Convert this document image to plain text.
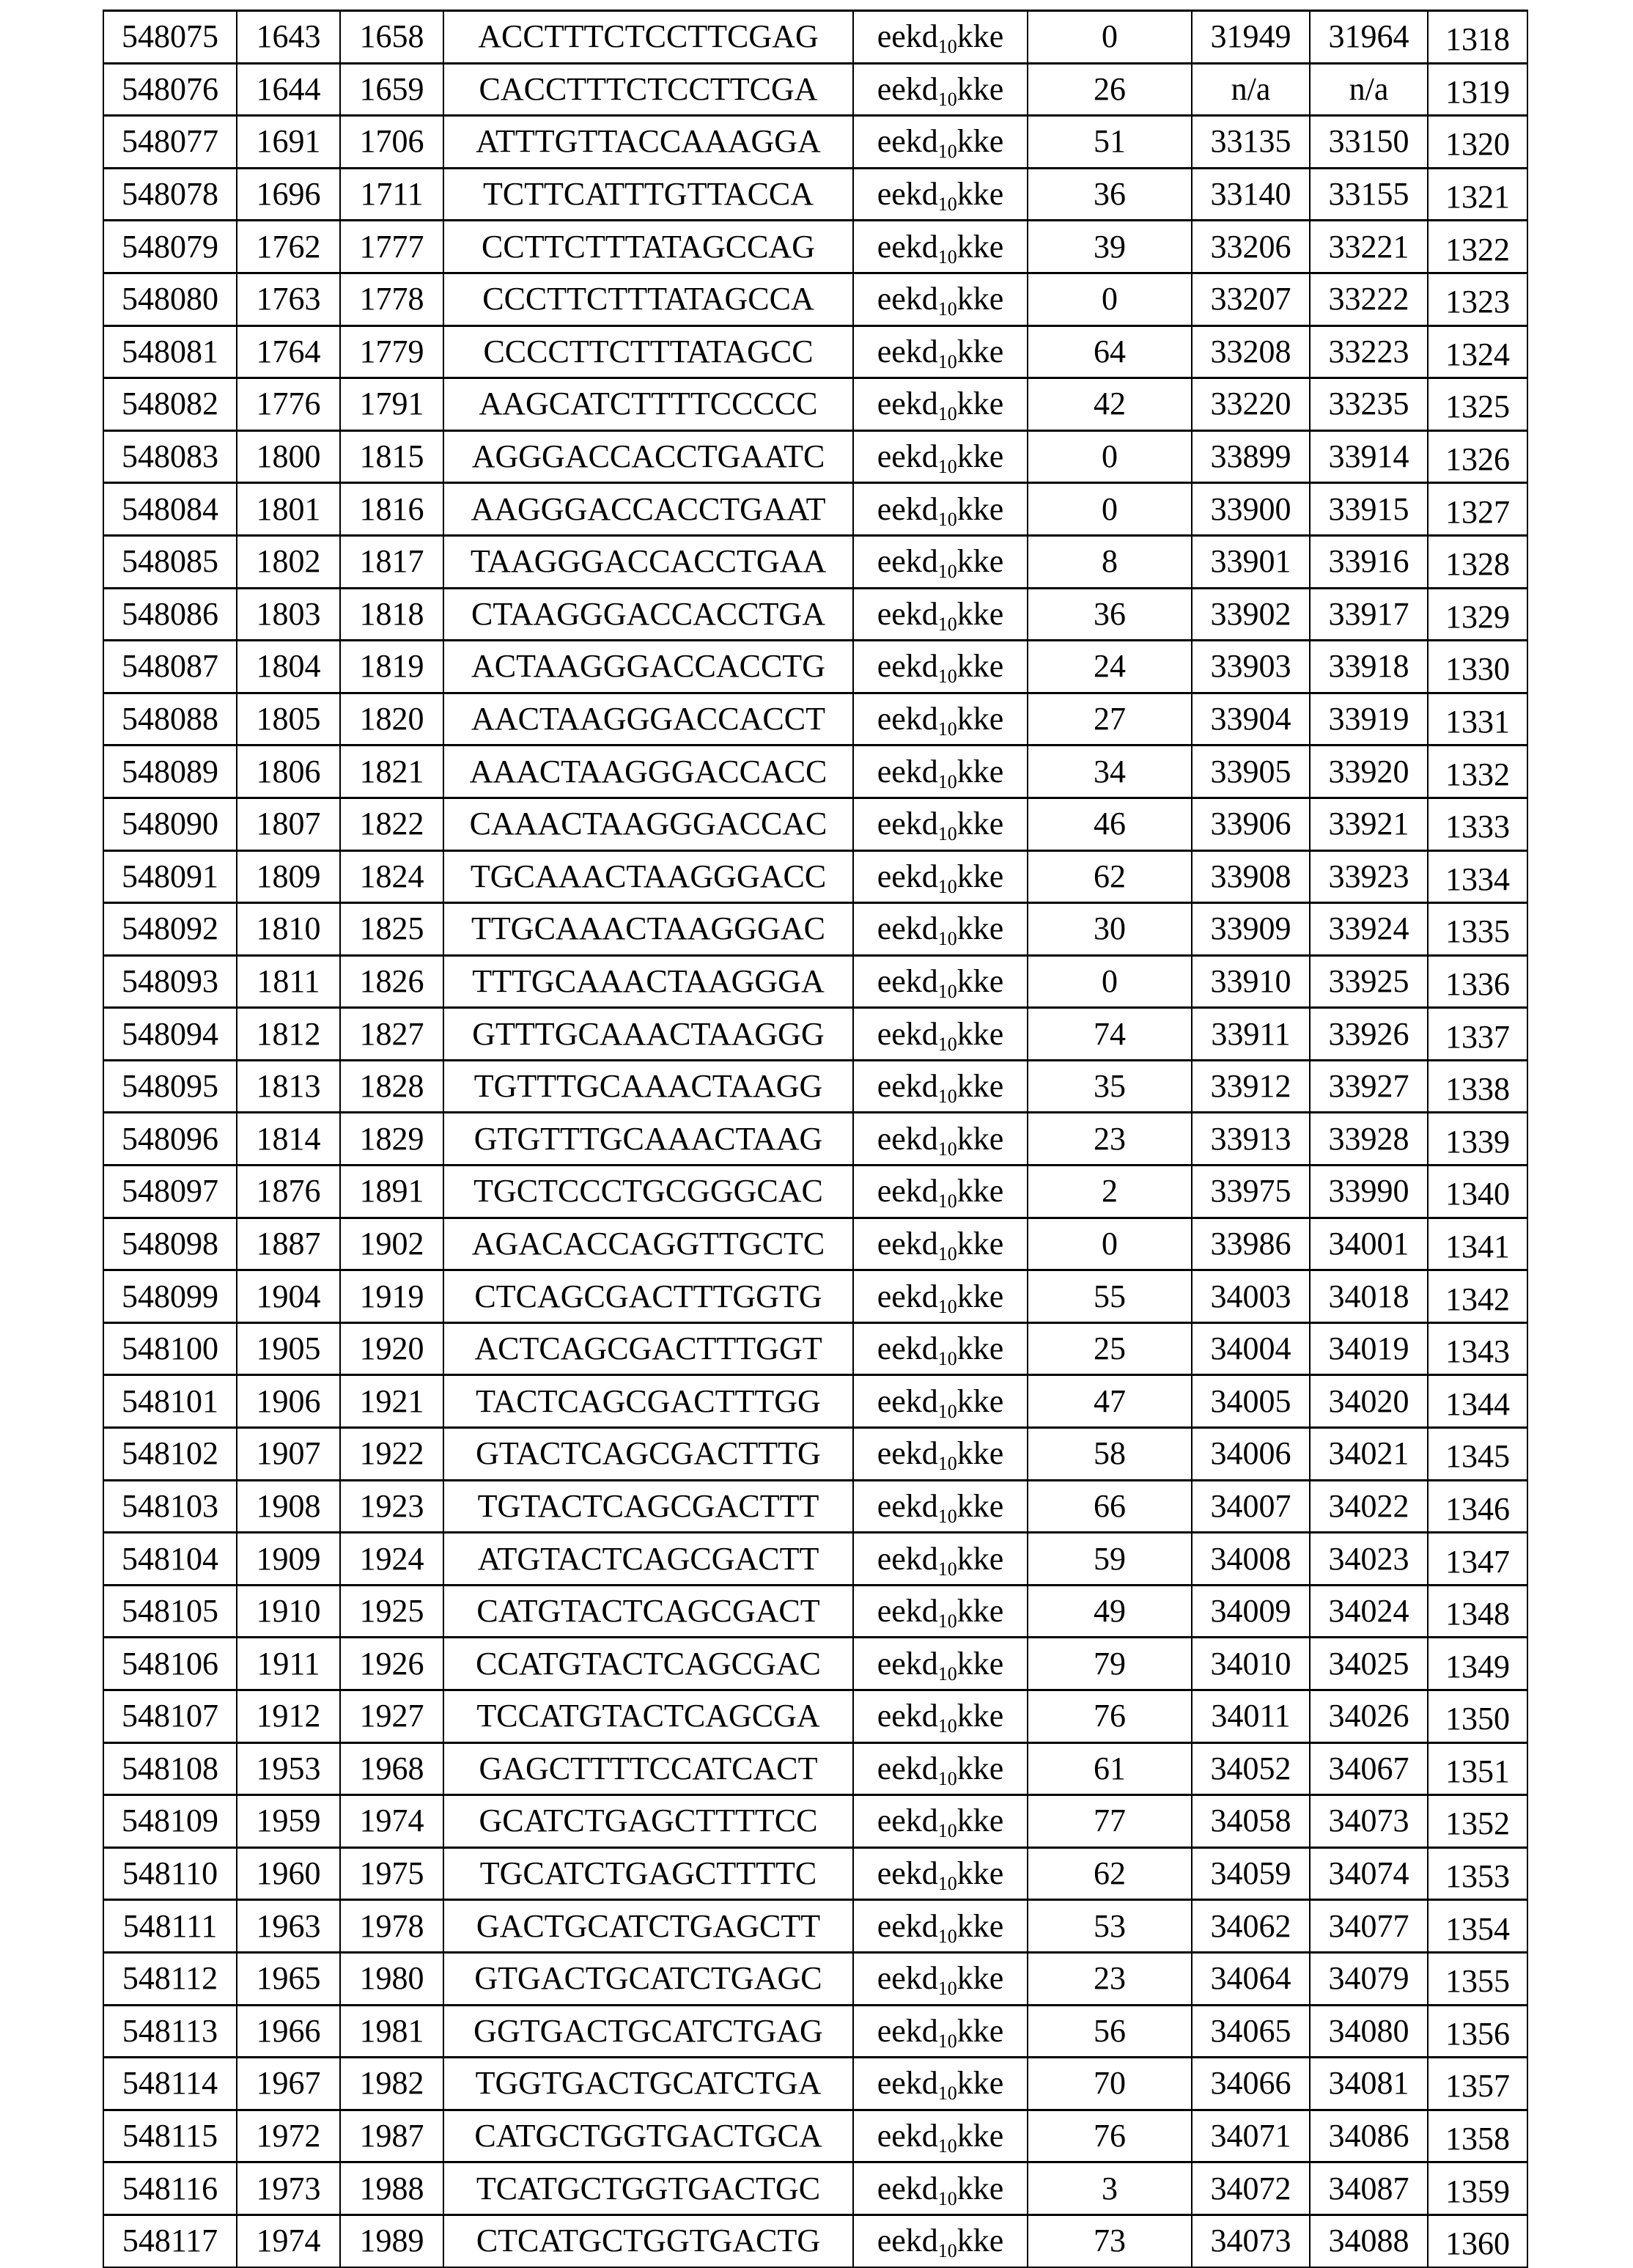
548075	1643	1658	ACCTTTCTCCTTCGAG	eekd10kke	0	31949	31964	1318
548076	1644	1659	CACCTTTCTCCTTCGA	eekd10kke	26	n/a	n/a	1319
548077	1691	1706	ATTTGTTACCAAAGGA	eekd10kke	51	33135	33150	1320
548078	1696	1711	TCTTCATTTGTTACCA	eekd10kke	36	33140	33155	1321
548079	1762	1777	CCTTCTTTATAGCCAG	eekd10kke	39	33206	33221	1322
548080	1763	1778	CCCTTCTTTATAGCCA	eekd10kke	0	33207	33222	1323
548081	1764	1779	CCCCTTCTTTATAGCC	eekd10kke	64	33208	33223	1324
548082	1776	1791	AAGCATCTTTTCCCCC	eekd10kke	42	33220	33235	1325
548083	1800	1815	AGGGACCACCTGAATC	eekd10kke	0	33899	33914	1326
548084	1801	1816	AAGGGACCACCTGAAT	eekd10kke	0	33900	33915	1327
548085	1802	1817	TAAGGGACCACCTGAA	eekd10kke	8	33901	33916	1328
548086	1803	1818	CTAAGGGACCACCTGA	eekd10kke	36	33902	33917	1329
548087	1804	1819	ACTAAGGGACCACCTG	eekd10kke	24	33903	33918	1330
548088	1805	1820	AACTAAGGGACCACCT	eekd10kke	27	33904	33919	1331
548089	1806	1821	AAACTAAGGGACCACC	eekd10kke	34	33905	33920	1332
548090	1807	1822	CAAACTAAGGGACCAC	eekd10kke	46	33906	33921	1333
548091	1809	1824	TGCAAACTAAGGGACC	eekd10kke	62	33908	33923	1334
548092	1810	1825	TTGCAAACTAAGGGAC	eekd10kke	30	33909	33924	1335
548093	1811	1826	TTTGCAAACTAAGGGA	eekd10kke	0	33910	33925	1336
548094	1812	1827	GTTTGCAAACTAAGGG	eekd10kke	74	33911	33926	1337
548095	1813	1828	TGTTTGCAAACTAAGG	eekd10kke	35	33912	33927	1338
548096	1814	1829	GTGTTTGCAAACTAAG	eekd10kke	23	33913	33928	1339
548097	1876	1891	TGCTCCCTGCGGGCAC	eekd10kke	2	33975	33990	1340
548098	1887	1902	AGACACCAGGTTGCTC	eekd10kke	0	33986	34001	1341
548099	1904	1919	CTCAGCGACTTTGGTG	eekd10kke	55	34003	34018	1342
548100	1905	1920	ACTCAGCGACTTTGGT	eekd10kke	25	34004	34019	1343
548101	1906	1921	TACTCAGCGACTTTGG	eekd10kke	47	34005	34020	1344
548102	1907	1922	GTACTCAGCGACTTTG	eekd10kke	58	34006	34021	1345
548103	1908	1923	TGTACTCAGCGACTTT	eekd10kke	66	34007	34022	1346
548104	1909	1924	ATGTACTCAGCGACTT	eekd10kke	59	34008	34023	1347
548105	1910	1925	CATGTACTCAGCGACT	eekd10kke	49	34009	34024	1348
548106	1911	1926	CCATGTACTCAGCGAC	eekd10kke	79	34010	34025	1349
548107	1912	1927	TCCATGTACTCAGCGA	eekd10kke	76	34011	34026	1350
548108	1953	1968	GAGCTTTTCCATCACT	eekd10kke	61	34052	34067	1351
548109	1959	1974	GCATCTGAGCTTTTCC	eekd10kke	77	34058	34073	1352
548110	1960	1975	TGCATCTGAGCTTTTC	eekd10kke	62	34059	34074	1353
548111	1963	1978	GACTGCATCTGAGCTT	eekd10kke	53	34062	34077	1354
548112	1965	1980	GTGACTGCATCTGAGC	eekd10kke	23	34064	34079	1355
548113	1966	1981	GGTGACTGCATCTGAG	eekd10kke	56	34065	34080	1356
548114	1967	1982	TGGTGACTGCATCTGA	eekd10kke	70	34066	34081	1357
548115	1972	1987	CATGCTGGTGACTGCA	eekd10kke	76	34071	34086	1358
548116	1973	1988	TCATGCTGGTGACTGC	eekd10kke	3	34072	34087	1359
548117	1974	1989	CTCATGCTGGTGACTG	eekd10kke	73	34073	34088	1360
